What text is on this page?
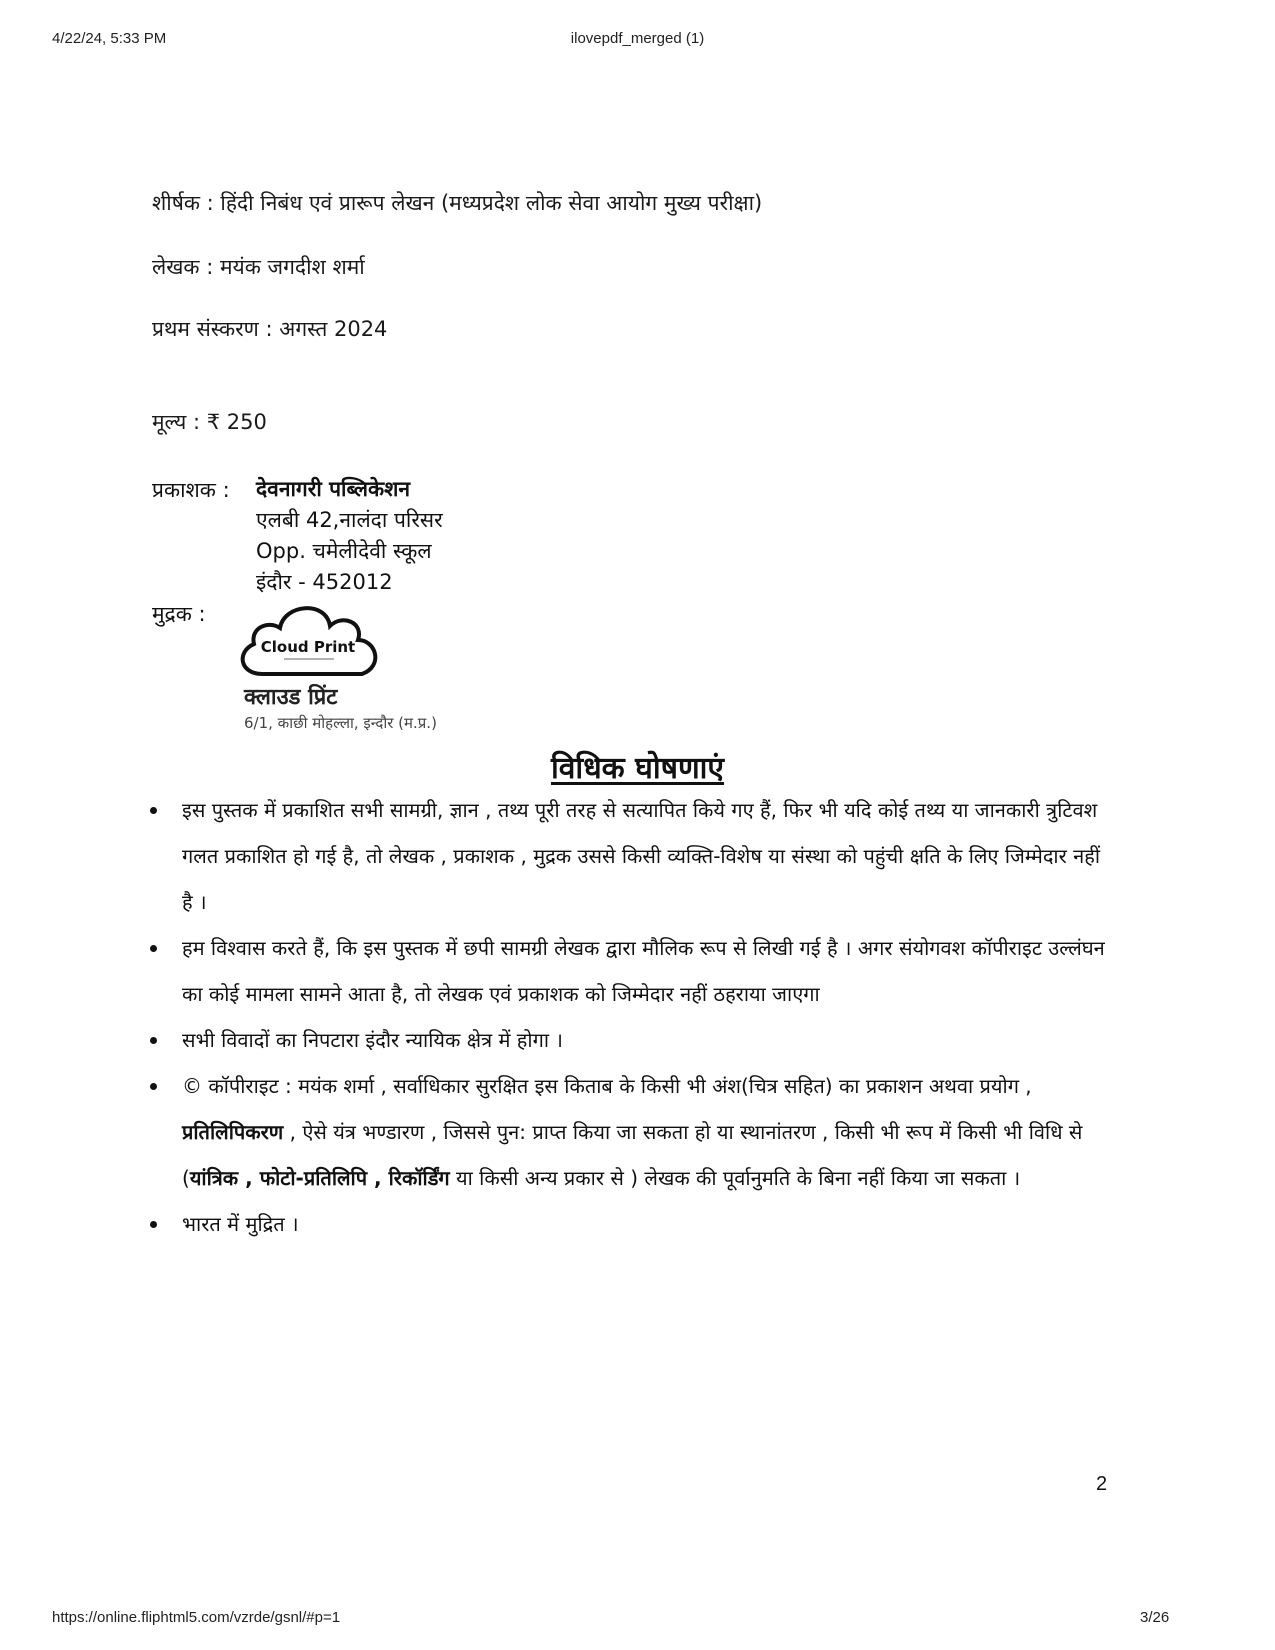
4/22/24, 5:33 PM	ilovepdf_merged (1)
शीर्षक : हिंदी निबंध एवं प्रारूप लेखन (मध्यप्रदेश लोक सेवा आयोग मुख्य परीक्षा)
लेखक : मयंक जगदीश शर्मा
प्रथम संस्करण : अगस्त 2024
मूल्य : ₹ 250
प्रकाशक : देवनागरी पब्लिकेशन
एलबी 42,नालंदा परिसर
Opp. चमेलीदेवी स्कूल
इंदौर - 452012
मुद्रक :
Cloud Print
क्लाउड प्रिंट
6/1, काछी मोहल्ला, इन्दौर (म.प्र.)
विधिक घोषणाएं
इस पुस्तक में प्रकाशित सभी सामग्री, ज्ञान , तथ्य पूरी तरह से सत्यापित किये गए हैं, फिर भी यदि कोई तथ्य या जानकारी त्रुटिवश गलत प्रकाशित हो गई है, तो लेखक , प्रकाशक , मुद्रक उससे किसी व्यक्ति-विशेष या संस्था को पहुंची क्षति के लिए जिम्मेदार नहीं है ।
हम विश्वास करते हैं, कि इस पुस्तक में छपी सामग्री लेखक द्वारा मौलिक रूप से लिखी गई है । अगर संयोगवश कॉपीराइट उल्लंघन का कोई मामला सामने आता है, तो लेखक एवं प्रकाशक को जिम्मेदार नहीं ठहराया जाएगा
सभी विवादों का निपटारा इंदौर न्यायिक क्षेत्र में होगा ।
© कॉपीराइट : मयंक शर्मा , सर्वाधिकार सुरक्षित इस किताब के किसी भी अंश(चित्र सहित) का प्रकाशन अथवा प्रयोग , प्रतिलिपिकरण , ऐसे यंत्र भण्डारण , जिससे पुन: प्राप्त किया जा सकता हो या स्थानांतरण , किसी भी रूप में किसी भी विधि से (यांत्रिक , फोटो-प्रतिलिपि , रिकॉर्डिंग या किसी अन्य प्रकार से ) लेखक की पूर्वानुमति के बिना नहीं किया जा सकता ।
भारत में मुद्रित ।
2
https://online.fliphtml5.com/vzrde/gsnl/#p=1	3/26
